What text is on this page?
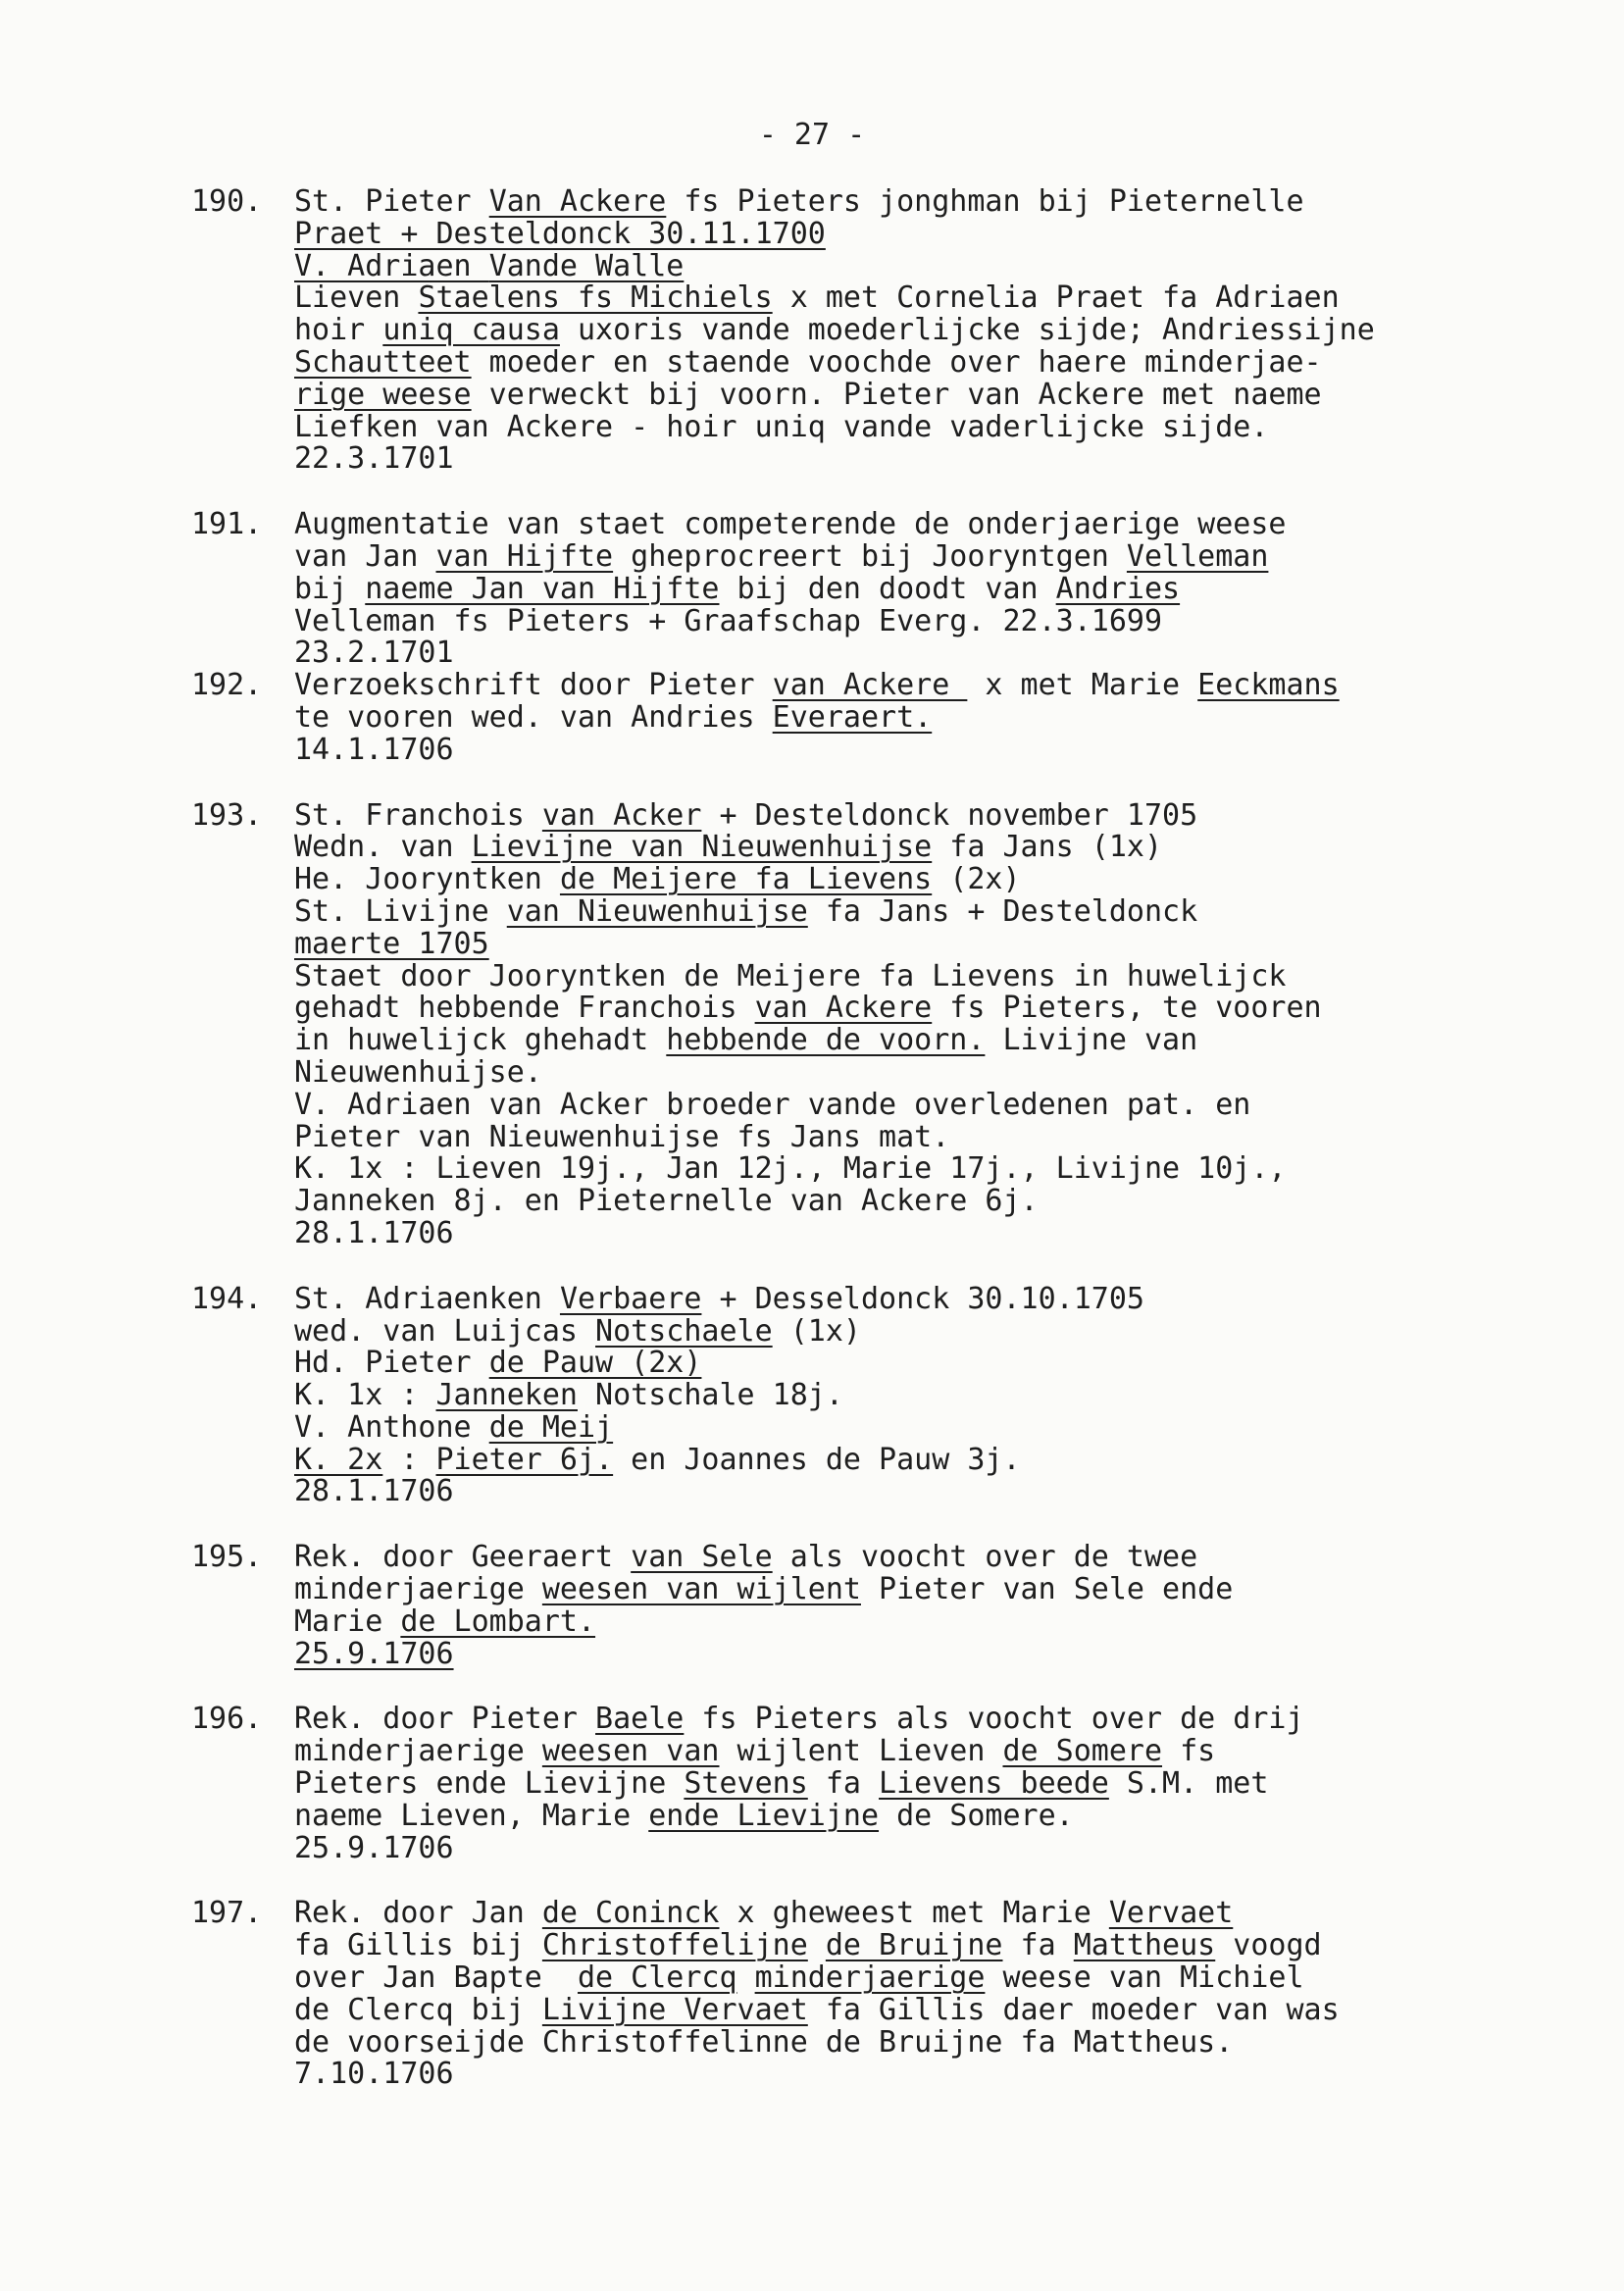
- 27 -
190.	St. Pieter Van Ackere fs Pieters jonghman bij Pieternelle
Praet + Desteldonck 30.11.1700
V. Adriaen Vande Walle
Lieven Staelens fs Michiels x met Cornelia Praet fa Adriaen
hoir uniq causa uxoris vande moederlijcke sijde; Andriessijne
Schautteet moeder en staende voochde over haere minderjae-
rige weese verweckt bij voorn. Pieter van Ackere met naeme
Liefken van Ackere - hoir uniq vande vaderlijcke sijde.
22.3.1701
191.	Augmentatie van staet competerende de onderjaerige weese
van Jan van Hijfte gheprocreert bij Jooryntgen Velleman
bij naeme Jan van Hijfte bij den doodt van Andries
Velleman fs Pieters + Graafschap Everg. 22.3.1699
23.2.1701
192.	Verzoekschrift door Pieter van Ackere  x met Marie Eeckmans
te vooren wed. van Andries Everaert.
14.1.1706
193.	St. Franchois van Acker + Desteldonck november 1705
Wedn. van Lievijne van Nieuwenhuijse fa Jans (1x)
He. Jooryntken de Meijere fa Lievens (2x)
St. Livijne van Nieuwenhuijse fa Jans + Desteldonck
maerte 1705
Staet door Jooryntken de Meijere fa Lievens in huwelijck
gehadt hebbende Franchois van Ackere fs Pieters, te vooren
in huwelijck ghehadt hebbende de voorn. Livijne van
Nieuwenhuijse.
V. Adriaen van Acker broeder vande overledenen pat. en
Pieter van Nieuwenhuijse fs Jans mat.
K. 1x : Lieven 19j., Jan 12j., Marie 17j., Livijne 10j.,
Janneken 8j. en Pieternelle van Ackere 6j.
28.1.1706
194.	St. Adriaenken Verbaere + Desseldonck 30.10.1705
wed. van Luijcas Notschaele (1x)
Hd. Pieter de Pauw (2x)
K. 1x : Janneken Notschale 18j.
V. Anthone de Meij
K. 2x : Pieter 6j. en Joannes de Pauw 3j.
28.1.1706
195.	Rek. door Geeraert van Sele als voocht over de twee
minderjaerige weesen van wijlent Pieter van Sele ende
Marie de Lombart.
25.9.1706
196.	Rek. door Pieter Baele fs Pieters als voocht over de drij
minderjaerige weesen van wijlent Lieven de Somere fs
Pieters ende Lievijne Stevens fa Lievens beede S.M. met
naeme Lieven, Marie ende Lievijne de Somere.
25.9.1706
197.	Rek. door Jan de Coninck x gheweest met Marie Vervaet
fa Gillis bij Christoffelijne de Bruijne fa Mattheus voogd
over Jan Bapte  de Clercq minderjaerige weese van Michiel
de Clercq bij Livijne Vervaet fa Gillis daer moeder van was
de voorseijde Christoffelinne de Bruijne fa Mattheus.
7.10.1706
